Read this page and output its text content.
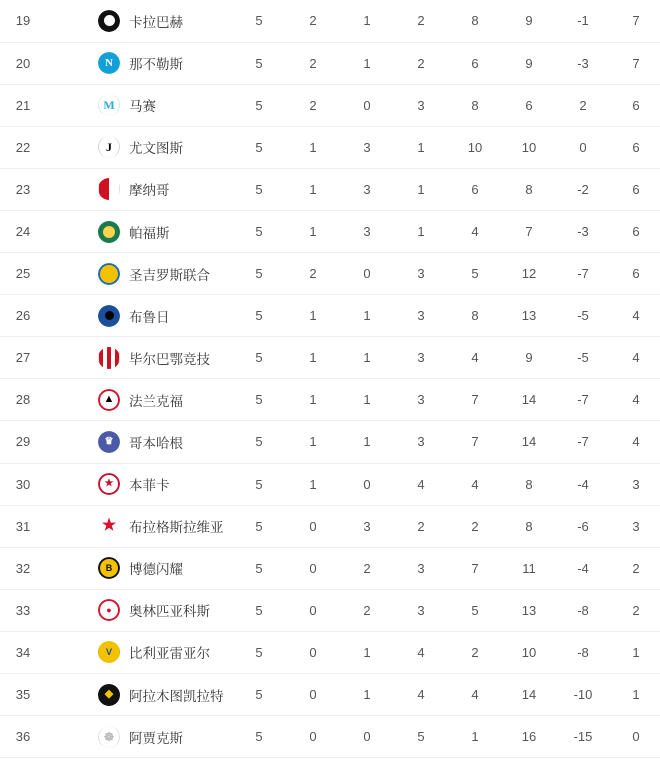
19	卡拉巴赫	5	2	1	2	8	9	-1	7	
20	N 那不勒斯	5	2	1	2	6	9	-3	7	
21	M 马赛	5	2	0	3	8	6	2	6	
22	J 尤文图斯	5	1	3	1	10	10	0	6	
23	摩纳哥	5	1	3	1	6	8	-2	6	
24	帕福斯	5	1	3	1	4	7	-3	6	
25	圣吉罗斯联合	5	2	0	3	5	12	-7	6	
26	布鲁日	5	1	1	3	8	13	-5	4	
27	毕尔巴鄂竞技	5	1	1	3	4	9	-5	4	
28	▲ 法兰克福	5	1	1	3	7	14	-7	4	
29	♛ 哥本哈根	5	1	1	3	7	14	-7	4	
30	★ 本菲卡	5	1	0	4	4	8	-4	3	
31	★ 布拉格斯拉维亚	5	0	3	2	2	8	-6	3	
32	B 博德闪耀	5	0	2	3	7	11	-4	2	
33	● 奥林匹亚科斯	5	0	2	3	5	13	-8	2	
34	V 比利亚雷亚尔	5	0	1	4	2	10	-8	1	
35	◆ 阿拉木图凯拉特	5	0	1	4	4	14	-10	1	
36	☸ 阿贾克斯	5	0	0	5	1	16	-15	0	
